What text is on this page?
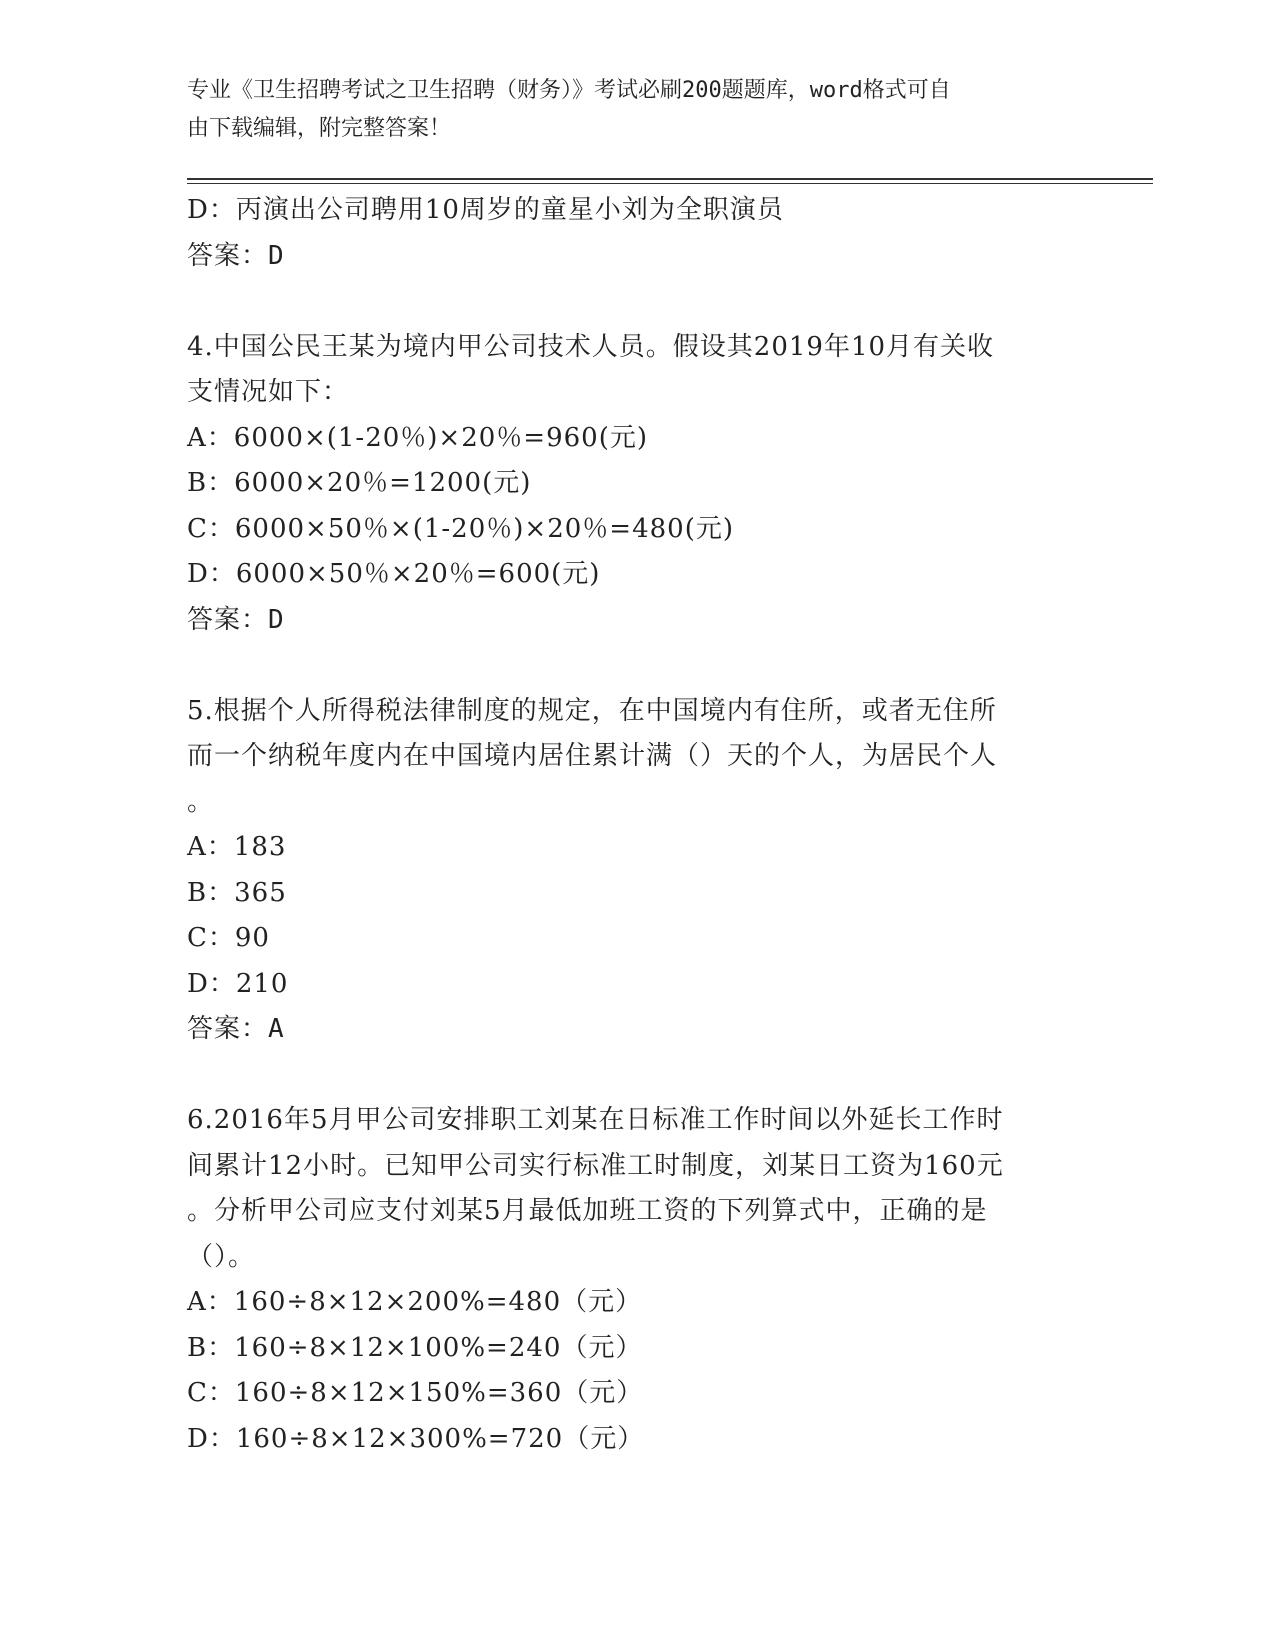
专业《卫生招聘考试之卫生招聘（财务）》考试必刷200题题库，word格式可自
由下载编辑，附完整答案！
D：丙演出公司聘用10周岁的童星小刘为全职演员
答案：D
4.中国公民王某为境内甲公司技术人员。假设其2019年10月有关收
支情况如下：
A：6000×(1-20％)×20％=960(元)
B：6000×20％=1200(元)
C：6000×50％×(1-20％)×20％=480(元)
D：6000×50％×20％=600(元)
答案：D
5.根据个人所得税法律制度的规定，在中国境内有住所，或者无住所
而一个纳税年度内在中国境内居住累计满（）天的个人，为居民个人
。
A：183
B：365
C：90
D：210
答案：A
6.2016年5月甲公司安排职工刘某在日标准工作时间以外延长工作时
间累计12小时。已知甲公司实行标准工时制度，刘某日工资为160元
。分析甲公司应支付刘某5月最低加班工资的下列算式中，正确的是
（）。
A：160÷8×12×200%=480（元）
B：160÷8×12×100%=240（元）
C：160÷8×12×150%=360（元）
D：160÷8×12×300%=720（元）
